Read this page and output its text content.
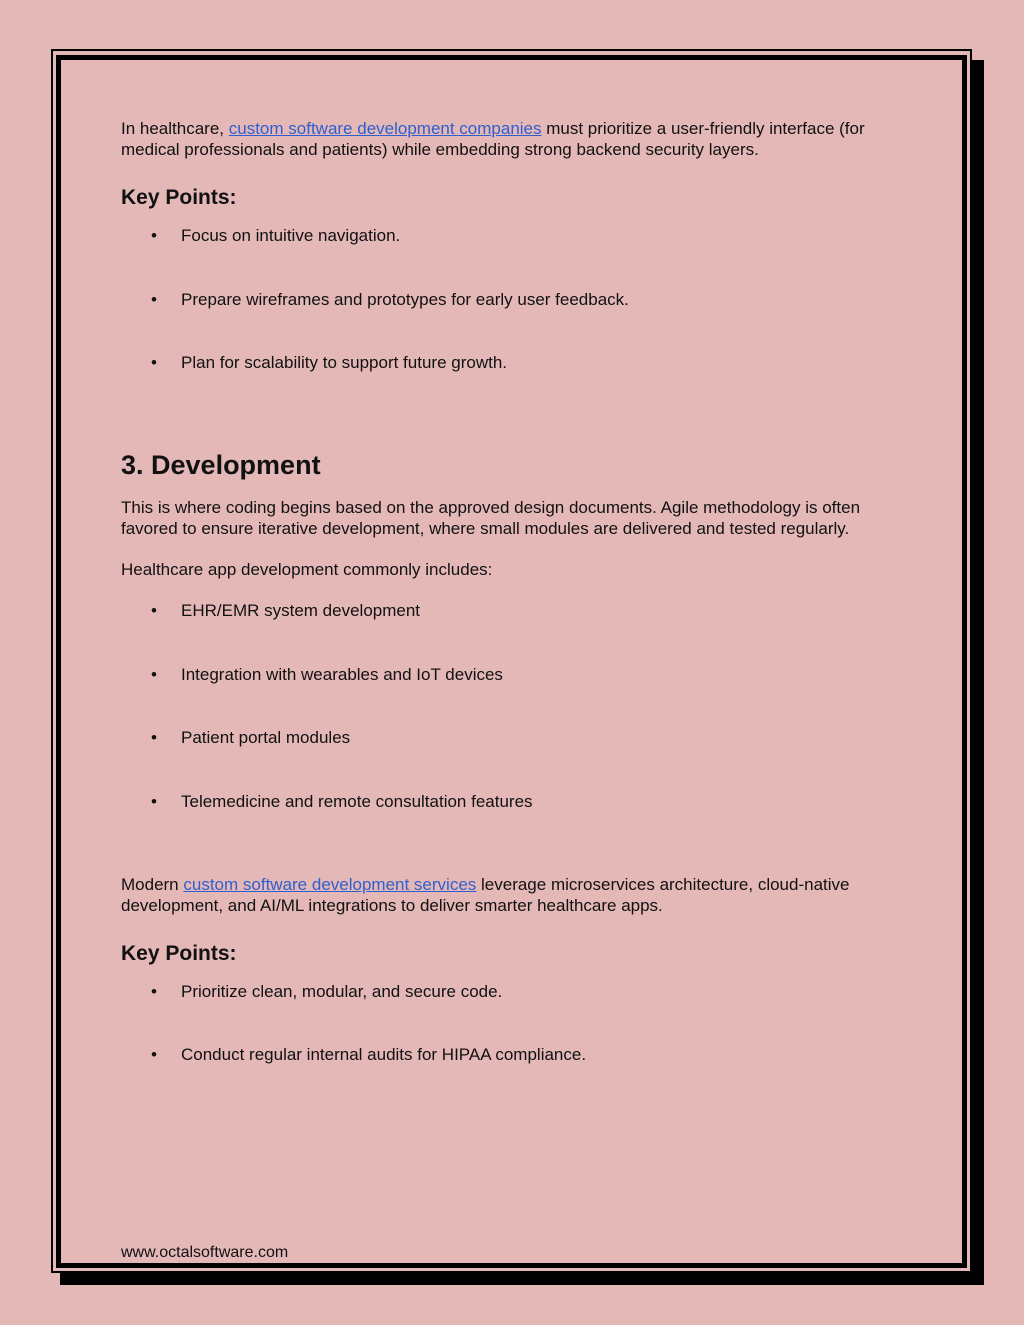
In healthcare, custom software development companies must prioritize a user-friendly interface (for medical professionals and patients) while embedding strong backend security layers.

Key Points:
• Focus on intuitive navigation.
• Prepare wireframes and prototypes for early user feedback.
• Plan for scalability to support future growth.
3. Development

This is where coding begins based on the approved design documents. Agile methodology is often favored to ensure iterative development, where small modules are delivered and tested regularly.

Healthcare app development commonly includes:

• EHR/EMR system development
• Integration with wearables and IoT devices
• Patient portal modules
• Telemedicine and remote consultation features

Modern custom software development services leverage microservices architecture, cloud-native development, and AI/ML integrations to deliver smarter healthcare apps.

Key Points:
• Prioritize clean, modular, and secure code.
• Conduct regular internal audits for HIPAA compliance.
www.octalsoftware.com
